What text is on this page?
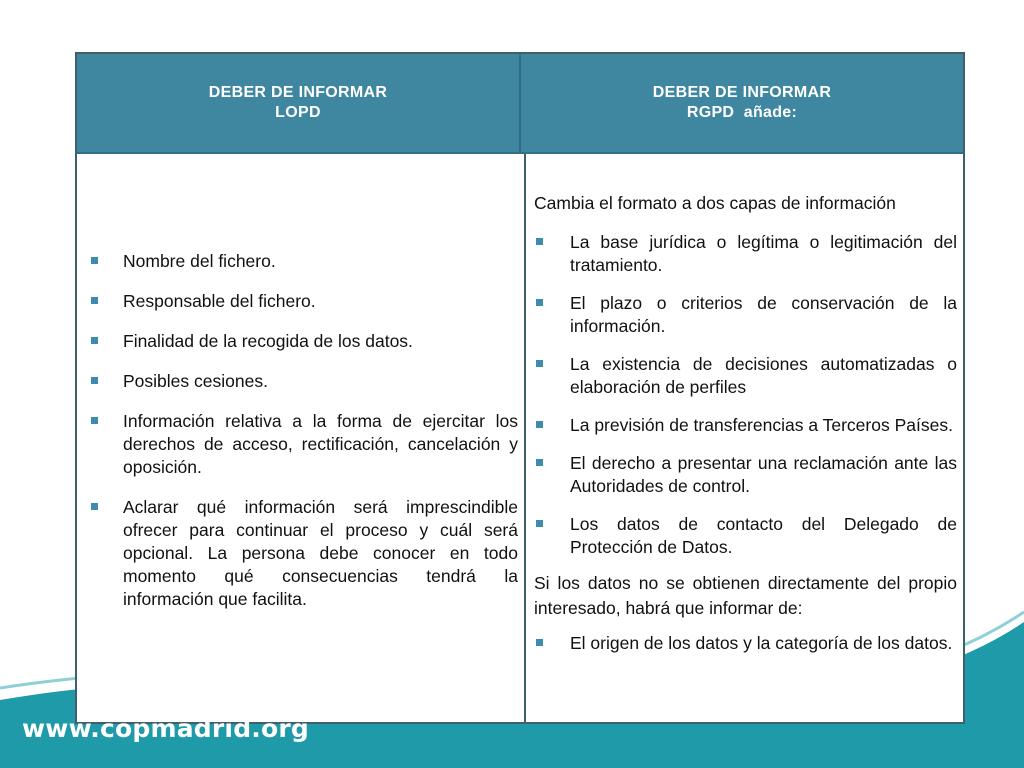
www.copmadrid.org
DEBER DE INFORMAR
LOPD
DEBER DE INFORMAR
RGPD  añade:
Nombre del fichero.
Responsable del fichero.
Finalidad de la recogida de los datos.
Posibles cesiones.
Información relativa a la forma de ejercitar los derechos de acceso, rectificación, cancelación y oposición.
Aclarar qué información será imprescindible ofrecer para continuar el proceso y cuál será opcional. La persona debe conocer en todo momento qué consecuencias tendrá la información que facilita.

Cambia el formato a dos capas de información

La base jurídica o legítima o legitimación del tratamiento.
El plazo o criterios de conservación de la información.
La existencia de decisiones automatizadas o elaboración de perfiles
La previsión de transferencias a Terceros Países.
El derecho a presentar una reclamación ante las Autoridades de control.
Los datos de contacto del Delegado de Protección de Datos.

Si los datos no se obtienen directamente del propio interesado, habrá que informar de:

El origen de los datos y la categoría de los datos.
